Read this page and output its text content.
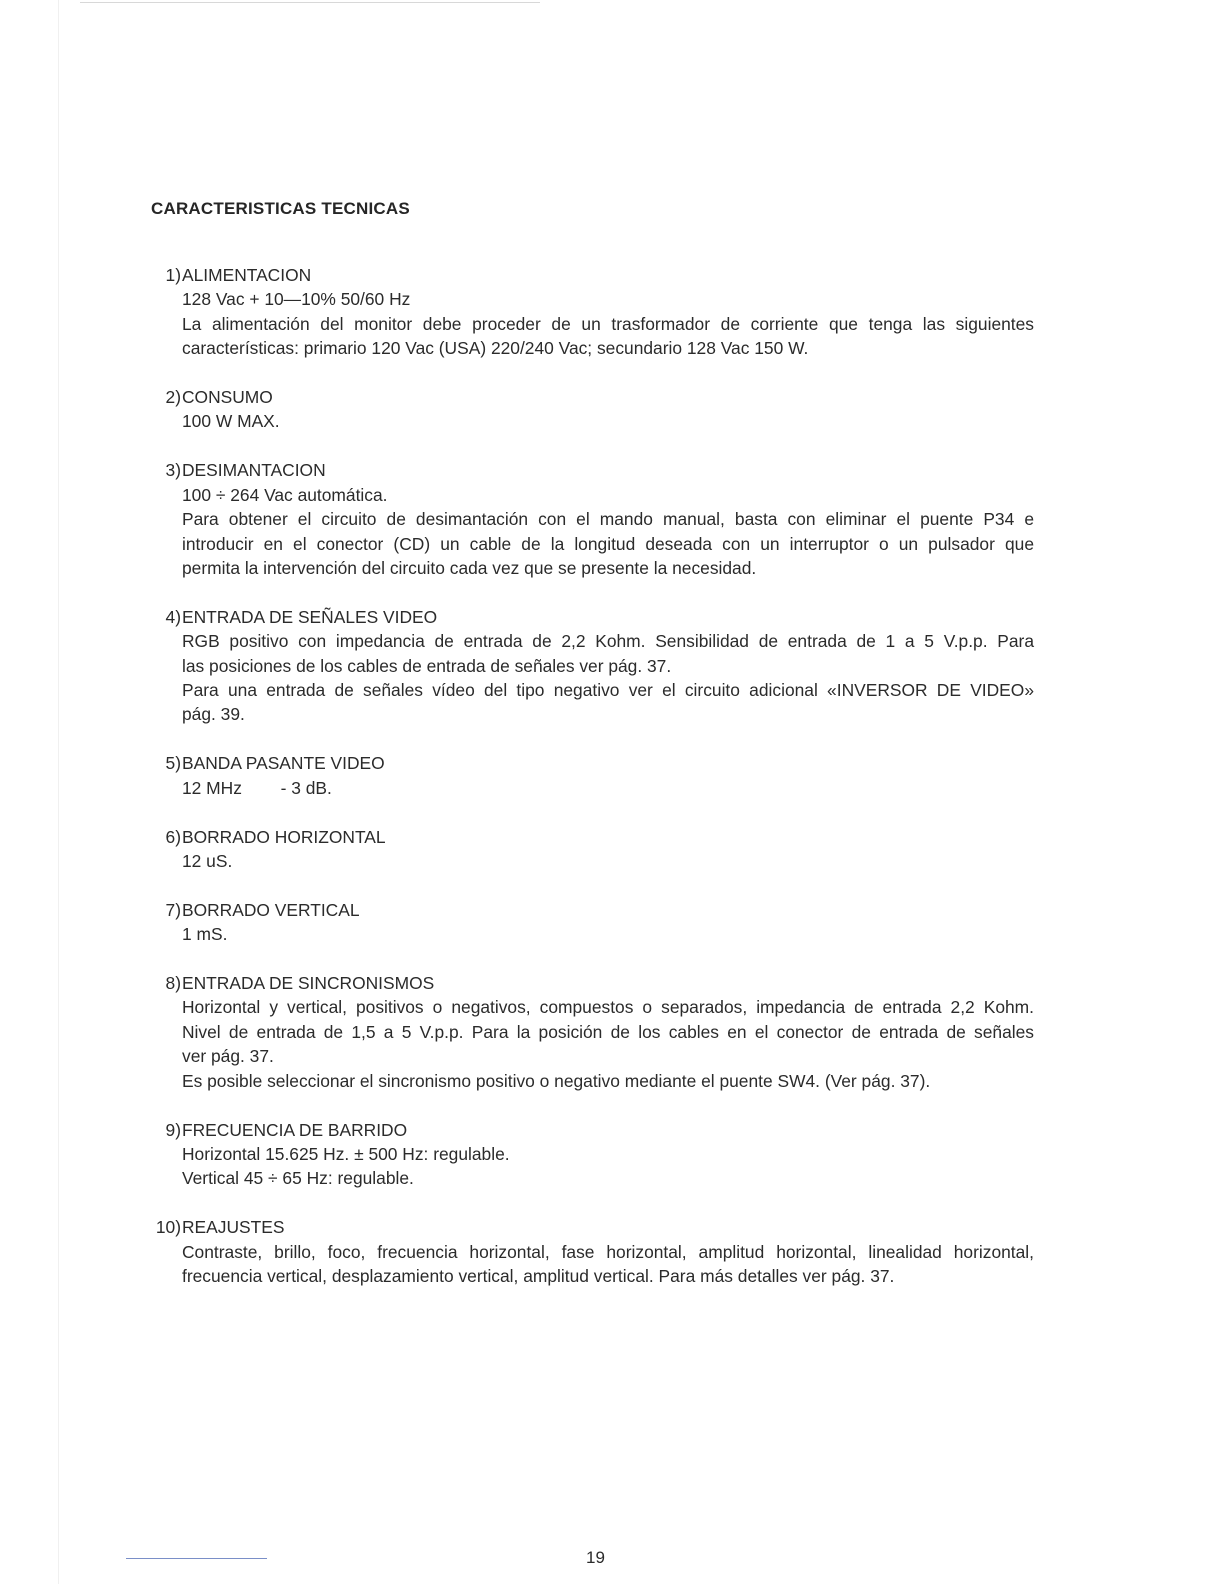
CARACTERISTICAS TECNICAS
1) ALIMENTACION
128 Vac + 10—10% 50/60 Hz
La alimentación del monitor debe proceder de un trasformador de corriente que tenga las siguientes
características: primario 120 Vac (USA) 220/240 Vac; secundario 128 Vac 150 W.
2) CONSUMO
100 W MAX.
3) DESIMANTACION
100 ÷ 264 Vac automática.
Para obtener el circuito de desimantación con el mando manual, basta con eliminar el puente P34 e
introducir en el conector (CD) un cable de la longitud deseada con un interruptor o un pulsador que
permita la intervención del circuito cada vez que se presente la necesidad.
4) ENTRADA DE SEÑALES VIDEO
RGB positivo con impedancia de entrada de 2,2 Kohm. Sensibilidad de entrada de 1 a 5 V.p.p. Para
las posiciones de los cables de entrada de señales ver pág. 37.
Para una entrada de señales vídeo del tipo negativo ver el circuito adicional «INVERSOR DE VIDEO»
pág. 39.
5) BANDA PASANTE VIDEO
12 MHz        - 3 dB.
6) BORRADO HORIZONTAL
12 uS.
7) BORRADO VERTICAL
1 mS.
8) ENTRADA DE SINCRONISMOS
Horizontal y vertical, positivos o negativos, compuestos o separados, impedancia de entrada 2,2 Kohm.
Nivel de entrada de 1,5 a 5 V.p.p. Para la posición de los cables en el conector de entrada de señales
ver pág. 37.
Es posible seleccionar el sincronismo positivo o negativo mediante el puente SW4. (Ver pág. 37).
9) FRECUENCIA DE BARRIDO
Horizontal 15.625 Hz. ± 500 Hz: regulable.
Vertical 45 ÷ 65 Hz: regulable.
10) REAJUSTES
Contraste, brillo, foco, frecuencia horizontal, fase horizontal, amplitud horizontal, linealidad horizontal,
frecuencia vertical, desplazamiento vertical, amplitud vertical. Para más detalles ver pág. 37.
19
